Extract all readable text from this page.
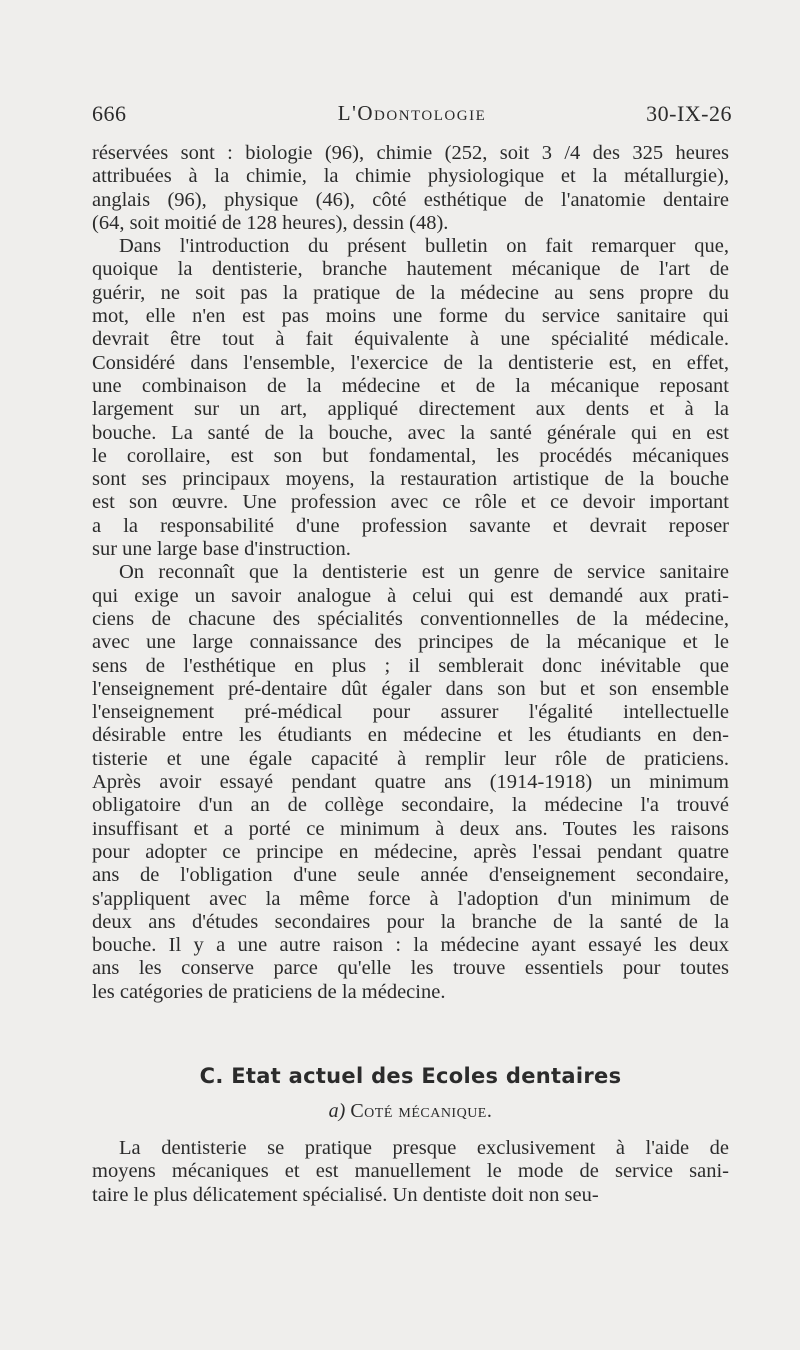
666	L'Odontologie	30-IX-26
réservées sont : biologie (96), chimie (252, soit 3 /4 des 325 heures
attribuées à la chimie, la chimie physiologique et la métallurgie),
anglais (96), physique (46), côté esthétique de l'anatomie dentaire
(64, soit moitié de 128 heures), dessin (48).
Dans l'introduction du présent bulletin on fait remarquer que,
quoique la dentisterie, branche hautement mécanique de l'art de
guérir, ne soit pas la pratique de la médecine au sens propre du
mot, elle n'en est pas moins une forme du service sanitaire qui
devrait être tout à fait équivalente à une spécialité médicale.
Considéré dans l'ensemble, l'exercice de la dentisterie est, en effet,
une combinaison de la médecine et de la mécanique reposant
largement sur un art, appliqué directement aux dents et à la
bouche. La santé de la bouche, avec la santé générale qui en est
le corollaire, est son but fondamental, les procédés mécaniques
sont ses principaux moyens, la restauration artistique de la bouche
est son œuvre. Une profession avec ce rôle et ce devoir important
a la responsabilité d'une profession savante et devrait reposer
sur une large base d'instruction.
On reconnaît que la dentisterie est un genre de service sanitaire
qui exige un savoir analogue à celui qui est demandé aux prati-
ciens de chacune des spécialités conventionnelles de la médecine,
avec une large connaissance des principes de la mécanique et le
sens de l'esthétique en plus ; il semblerait donc inévitable que
l'enseignement pré-dentaire dût égaler dans son but et son ensemble
l'enseignement pré-médical pour assurer l'égalité intellectuelle
désirable entre les étudiants en médecine et les étudiants en den-
tisterie et une égale capacité à remplir leur rôle de praticiens.
Après avoir essayé pendant quatre ans (1914-1918) un minimum
obligatoire d'un an de collège secondaire, la médecine l'a trouvé
insuffisant et a porté ce minimum à deux ans. Toutes les raisons
pour adopter ce principe en médecine, après l'essai pendant quatre
ans de l'obligation d'une seule année d'enseignement secondaire,
s'appliquent avec la même force à l'adoption d'un minimum de
deux ans d'études secondaires pour la branche de la santé de la
bouche. Il y a une autre raison : la médecine ayant essayé les deux
ans les conserve parce qu'elle les trouve essentiels pour toutes
les catégories de praticiens de la médecine.
C. Etat actuel des Ecoles dentaires
a) Coté mécanique.
La dentisterie se pratique presque exclusivement à l'aide de
moyens mécaniques et est manuellement le mode de service sani-
taire le plus délicatement spécialisé. Un dentiste doit non seu-
